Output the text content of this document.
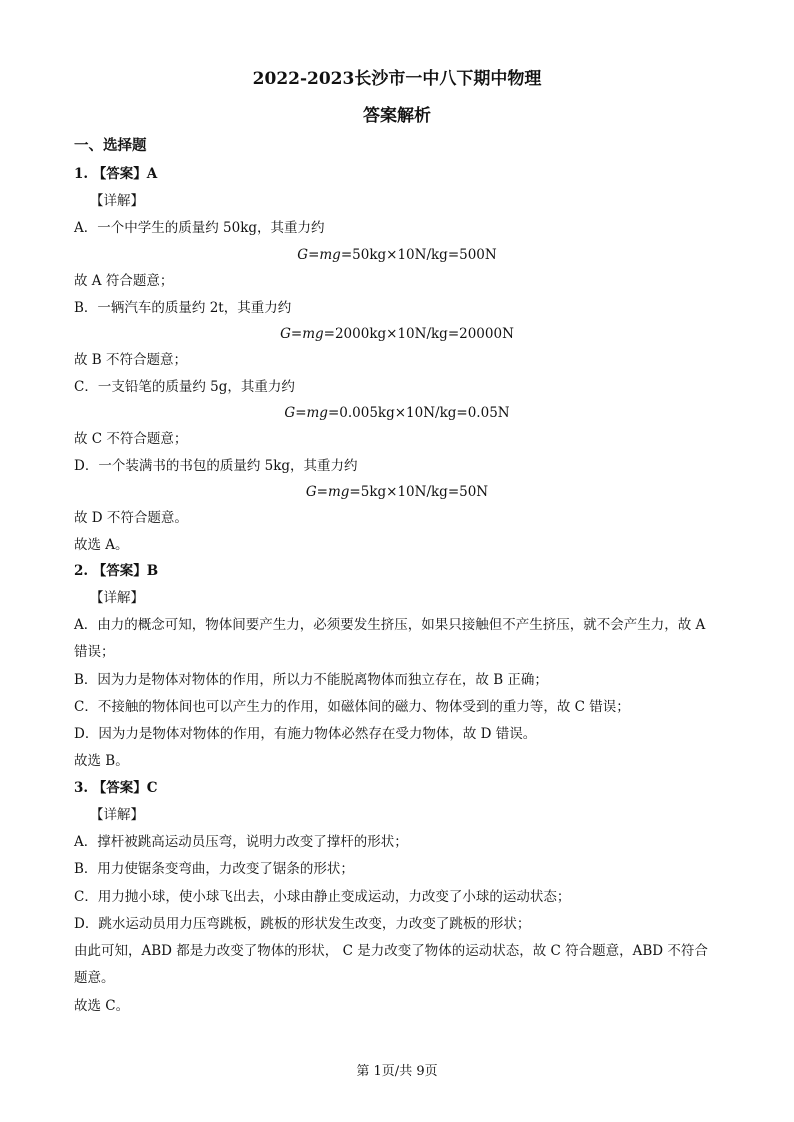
2022-2023长沙市一中八下期中物理
答案解析
一、选择题
1. 【答案】A
【详解】
A．一个中学生的质量约 50kg，其重力约
G=mg=50kg×10N/kg=500N
故 A 符合题意；
B．一辆汽车的质量约 2t，其重力约
G=mg=2000kg×10N/kg=20000N
故 B 不符合题意；
C．一支铅笔的质量约 5g，其重力约
G=mg=0.005kg×10N/kg=0.05N
故 C 不符合题意；
D．一个装满书的书包的质量约 5kg，其重力约
G=mg=5kg×10N/kg=50N
故 D 不符合题意。
故选 A。
2. 【答案】B
【详解】
A．由力的概念可知，物体间要产生力，必须要发生挤压，如果只接触但不产生挤压，就不会产生力，故 A
错误；
B．因为力是物体对物体的作用，所以力不能脱离物体而独立存在，故 B 正确；
C．不接触的物体间也可以产生力的作用，如磁体间的磁力、物体受到的重力等，故 C 错误；
D．因为力是物体对物体的作用，有施力物体必然存在受力物体，故 D 错误。
故选 B。
3. 【答案】C
【详解】
A．撑杆被跳高运动员压弯，说明力改变了撑杆的形状；
B．用力使锯条变弯曲，力改变了锯条的形状；
C．用力抛小球，使小球飞出去，小球由静止变成运动，力改变了小球的运动状态；
D．跳水运动员用力压弯跳板，跳板的形状发生改变，力改变了跳板的形状；
由此可知，ABD 都是力改变了物体的形状， C 是力改变了物体的运动状态，故 C 符合题意，ABD 不符合
题意。
故选 C。
第 1页/共 9页
